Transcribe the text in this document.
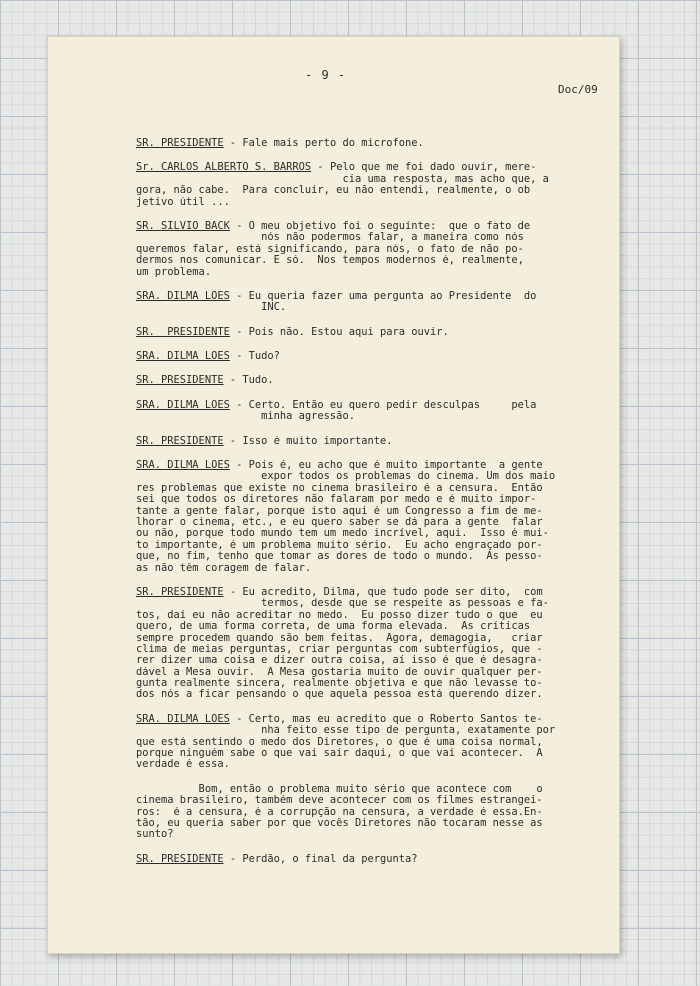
- 9 -
Doc/09
SR. PRESIDENTE - Fale mais perto do microfone.
Sr. CARLOS ALBERTO S. BARROS - Pelo que me foi dado ouvir, mere-
cia uma resposta, mas acho que, a
gora, não cabe.  Para concluir, eu não entendi, realmente, o ob
jetivo útil ...
SR. SILVIO BACK - O meu objetivo foi o seguinte:  que o fato de
nós não podermos falar, a maneira como nós
queremos falar, está significando, para nós, o fato de não po-
dermos nos comunicar. É só.  Nos tempos modernos é, realmente,
um problema.
SRA. DILMA LOES - Eu queria fazer uma pergunta ao Presidente  do
INC.
SR.  PRESIDENTE - Pois não. Estou aqui para ouvir.
SRA. DILMA LOES - Tudo?
SR. PRESIDENTE - Tudo.
SRA. DILMA LOES - Certo. Então eu quero pedir desculpas     pela
minha agressão.
SR. PRESIDENTE - Isso é muito importante.
SRA. DILMA LOES - Pois é, eu acho que é muito importante  a gente
expor todos os problemas do cinema. Um dos maio
res problemas que existe no cinema brasileiro é a censura.  Então
sei que todos os diretores não falaram por medo e é muito impor-
tante a gente falar, porque isto aqui é um Congresso a fim de me-
lhorar o cinema, etc., e eu quero saber se dá para a gente  falar
ou não, porque todo mundo tem um medo incrível, aqui.  Isso é mui-
to importante, é um problema muito sério.  Eu acho engraçado por-
que, no fim, tenho que tomar as dores de todo o mundo.  As pesso-
as não têm coragem de falar.
SR. PRESIDENTE - Eu acredito, Dilma, que tudo pode ser dito,  com
termos, desde que se respeite as pessoas e fa-
tos, daí eu não acreditar no medo.  Eu posso dizer tudo o que  eu
quero, de uma forma correta, de uma forma elevada.  As críticas
sempre procedem quando são bem feitas.  Agora, demagogia,   criar
clima de meias perguntas, criar perguntas com subterfúgios, que -
rer dizer uma coisa e dizer outra coisa, aí isso é que é desagra-
dável a Mesa ouvir.  A Mesa gostaria muito de ouvir qualquer per-
gunta realmente sincera, realmente objetiva e que não levasse to-
dos nós a ficar pensando o que aquela pessoa está querendo dizer.
SRA. DILMA LOES - Certo, mas eu acredito que o Roberto Santos te-
nha feito esse tipo de pergunta, exatamente por
que está sentindo o medo dos Diretores, o que é uma coisa normal,
porque ninguém sabe o que vai sair daqui, o que vai acontecer.  A
verdade é essa.
Bom, então o problema muito sério que acontece com    o
cinema brasileiro, também deve acontecer com os filmes estrangei-
ros:  é a censura, é a corrupção na censura, a verdade é essa.En-
tão, eu queria saber por que vocês Diretores não tocaram nesse as
sunto?
SR. PRESIDENTE - Perdão, o final da pergunta?
